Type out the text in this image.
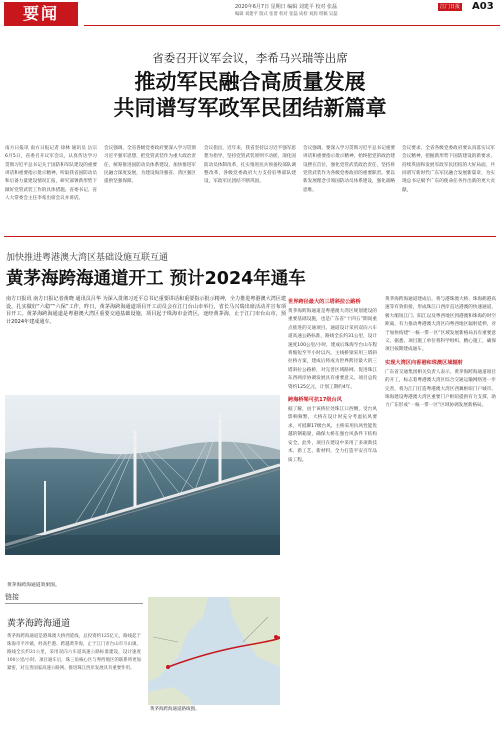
要闻	2020年6月7日 星期日 编辑 刘建平 校对 张磊
编辑 刘建平 版式 张蕾 校对 张磊 质检 刘润 组稿 吴磊
江门日报 A03
省委召开议军会议，李希马兴瑞等出席
推动军民融合高质量发展
共同谱写军政军民团结新篇章
南方日报讯 南方日报记者 徐林 通讯员 岳宗 6月5日，省委召开议军会议，认真传达学习贯彻习近平总书记关于国防和军队建设的重要讲话和重要指示批示精神，听取我省国防动员和后备力量建设情况汇报，研究部署新形势下做好党管武装工作的具体措施。省委书记、省人大常委会主任李希出席会议并讲话。
会议强调，全省各级党委政府要深入学习贯彻习近平强军思想，把党管武装作为重大政治责任，统筹推进国防动员体系建设，加快推进军民融合深度发展，为建设海洋强省、湾区强区提供坚强保障。
会议指出，近年来，我省坚持以习近平强军思想为指导，坚持党管武装原则不动摇，深化国防动员体制改革，扎实推进民兵预备役部队调整改革，各级党委政府大力支持驻粤部队建设，军政军民团结不断巩固。
会议强调，要深入学习贯彻习近平总书记重要讲话和重要指示批示精神，始终把党的政治建设摆在首位，强化党管武装政治责任，坚持将党管武装作为各级党委政府的重要职责。要以新发展理念引领国防动员体系建设，强化战略思维。
会议要求，全省各级党委政府要认真落实议军会议精神，把握新形势下国防建设的新要求，持续巩固和发展军政军民团结的大好局面，共同谱写新时代广东军民融合发展新篇章，为实现总书记赋予广东的使命任务作出新的更大贡献。
加快推进粤港澳大湾区基础设施互联互通
黄茅海跨海通道开工 预计2024年通车
南方日报讯 南方日报记者黄晓 通讯员吕华 为深入贯彻习近平总书记重要讲话和重要指示批示精神，全力推进粤港澳大湾区建设，扎实做好“六稳”“六保”工作，昨日，黄茅海跨海通道项目开工动员会在江门台山市举行，省长马兴瑞出席活动并宣布项目开工。黄茅海跨海通道是粤港澳大湾区重要交通基础设施，项目起于珠海市金湾区，途经黄茅海，止于江门市台山市，预计2024年建成通车。
黄茅海跨海通道效果图。
链接
黄茅海跨海通道
黄茅海跨海通道是港珠澳大桥西延线，总投资约125亿元，路线起于珠海市平沙镇，经高栏港、跨越黄茅海，止于江门市台山市斗山镇，路线全长约31公里，采用双向六车道高速公路标准建设，设计速度100公里/小时。项目通车后，珠三角核心区与粤西地区的联系将更加紧密，对完善国家高速公路网、推进珠江西岸发展具有重要作用。
黄茅海跨海通道路线图。
世界跨径最大的三塔斜拉公路桥
黄茅海跨海通道是粤港澳大湾区规划建设的重要基础设施，也是广东省“十四五”期间重点推进的交通项目。通道设计采用双向六车道高速公路标准，路线全长约31公里，设计速度100公里/小时，建成后珠海至台山车程将缩短至半小时以内。主线桥梁采用三塔斜拉桥方案，建成后将成为世界跨径最大的三塔斜拉公路桥，对完善区域路网、促进珠江东西两岸协调发展具有重要意义。项目总投资约125亿元，计划工期约4年。
跨海桥梁可抗17级台风
据了解，由于该桥位处珠江口西侧，受台风影响频繁，大桥在设计时充分考虑抗风要求，可抵御17级台风，主桥采用抗风性能优越的钢箱梁，确保大桥在强台风条件下结构安全。此外，项目在建设中采用了多项新技术、新工艺、新材料，全力打造平安百年品质工程。
黄茅海跨海通道建成后，将与港珠澳大桥、珠海鹤港高速等有效衔接，形成珠江口西岸直达港澳的快速通道，极大缩短江门、阳江以及粤西地区到港澳和珠海的时空距离，有力推动粤港澳大湾区向粤西地区辐射延伸，对于加快构建“一核一带一区”区域发展新格局具有重要意义。据悉，项目施工单位将科学组织、精心施工，确保项目按期建成通车。
实现大湾区向香港和珠澳区域辐射
广东省交通集团相关负责人表示，黄茅海跨海通道项目的开工，标志着粤港澳大湾区综合交通运输网络进一步完善，将为江门打造粤港澳大湾区西翼枢纽门户城市、珠海建设粤港澳大湾区重要门户枢纽提供有力支撑，助力广东形成“一核一带一区”区域协调发展新格局。
